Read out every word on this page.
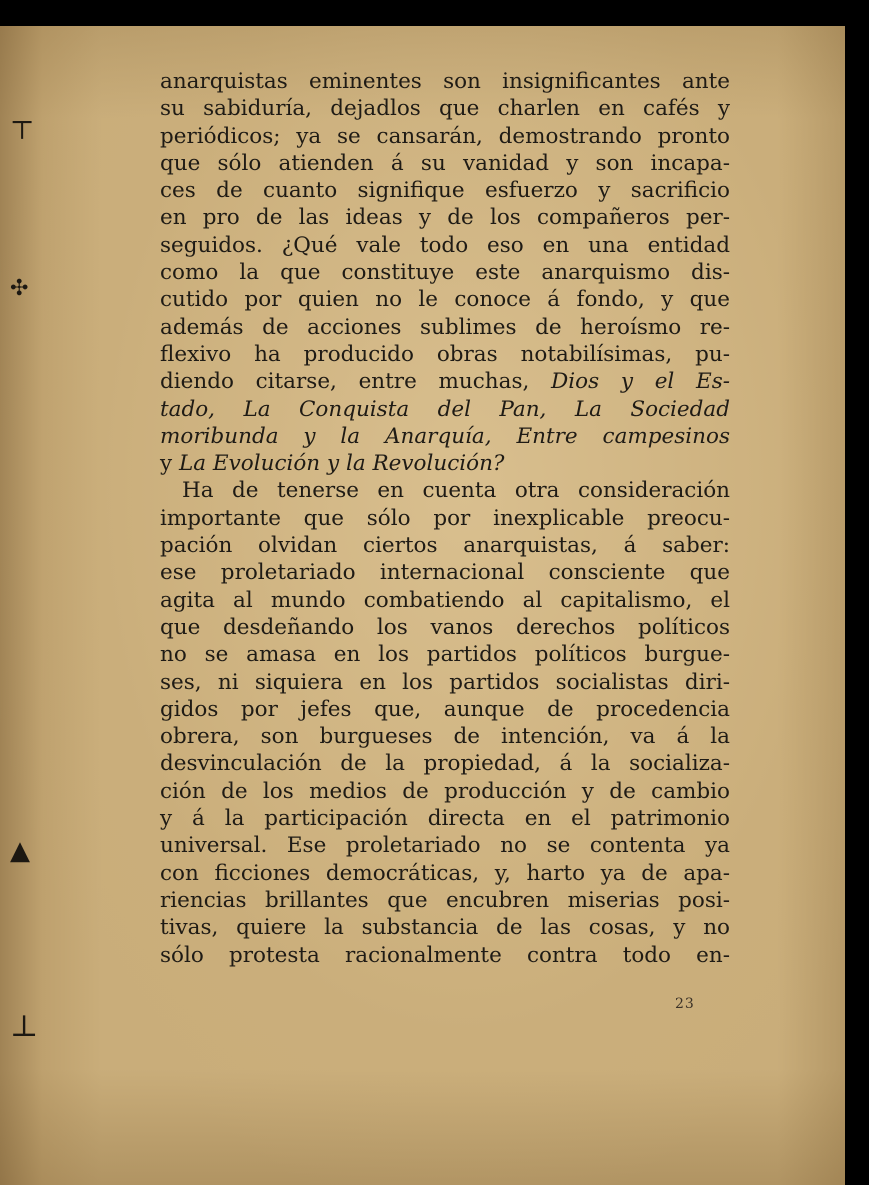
⊤
✣
▲
⊥
anarquistas eminentes son insignificantes ante
su sabiduría, dejadlos que charlen en cafés y
periódicos; ya se cansarán, demostrando pronto
que sólo atienden á su vanidad y son incapa-
ces de cuanto signifique esfuerzo y sacrificio
en pro de las ideas y de los compañeros per-
seguidos. ¿Qué vale todo eso en una entidad
como la que constituye este anarquismo dis-
cutido por quien no le conoce á fondo, y que
además de acciones sublimes de heroísmo re-
flexivo ha producido obras notabilísimas, pu-
diendo citarse, entre muchas, Dios y el Es-
tado, La Conquista del Pan, La Sociedad
moribunda y la Anarquía, Entre campesinos
y La Evolución y la Revolución?
Ha de tenerse en cuenta otra consideración
importante que sólo por inexplicable preocu-
pación olvidan ciertos anarquistas, á saber:
ese proletariado internacional consciente que
agita al mundo combatiendo al capitalismo, el
que desdeñando los vanos derechos políticos
no se amasa en los partidos políticos burgue-
ses, ni siquiera en los partidos socialistas diri-
gidos por jefes que, aunque de procedencia
obrera, son burgueses de intención, va á la
desvinculación de la propiedad, á la socializa-
ción de los medios de producción y de cambio
y á la participación directa en el patrimonio
universal. Ese proletariado no se contenta ya
con ficciones democráticas, y, harto ya de apa-
riencias brillantes que encubren miserias posi-
tivas, quiere la substancia de las cosas, y no
sólo protesta racionalmente contra todo en-
23
